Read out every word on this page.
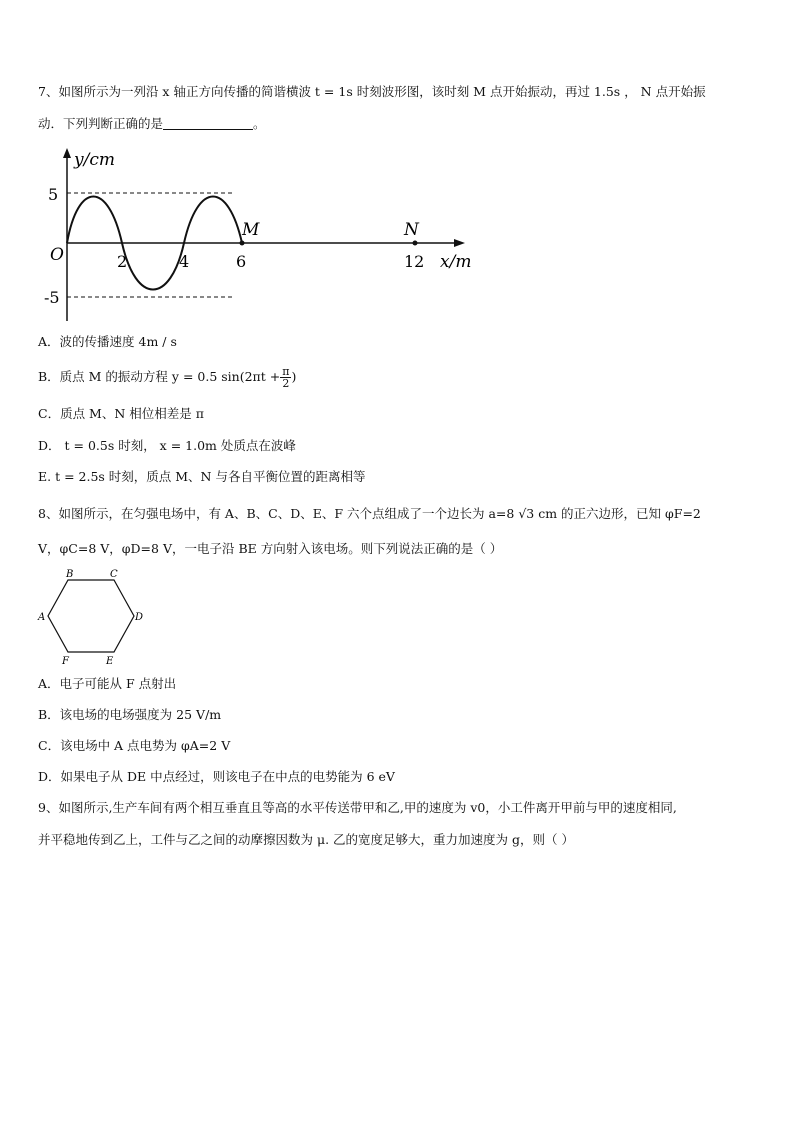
7、如图所示为一列沿 x 轴正方向传播的简谐横波 t = 1s 时刻波形图，该时刻 M 点开始振动，再过 1.5s ， N 点开始振
动．下列判断正确的是	。
y/cm
x/m
O
5
-5
2	4	6	12
M	N
A．波的传播速度 4m / s
B．质点 M 的振动方程 y = 0.5 $\sin(2\pi t + \frac{\pi}{2}$ )
C．质点 M、N 相位相差是 π
D． t = 0.5s 时刻， x = 1.0m 处质点在波峰
E. t = 2.5s 时刻，质点 M、N 与各自平衡位置的距离相等
8、如图所示，在匀强电场中，有 A、B、C、D、E、F 六个点组成了一个边长为 a=8 √3 cm 的正六边形，已知 φF=2
V，φC=8 V，φD=8 V，一电子沿 BE 方向射入该电场。则下列说法正确的是（ ）
A
B	C
D
E
F
A．电子可能从 F 点射出
B．该电场的电场强度为 25 V/m
C．该电场中 A 点电势为 φA=2 V
D．如果电子从 DE 中点经过，则该电子在中点的电势能为 6 eV
9、如图所示,生产车间有两个相互垂直且等高的水平传送带甲和乙,甲的速度为 v0，小工件离开甲前与甲的速度相同,
并平稳地传到乙上，工件与乙之间的动摩擦因数为 μ. 乙的宽度足够大，重力加速度为 g，则（ ）
